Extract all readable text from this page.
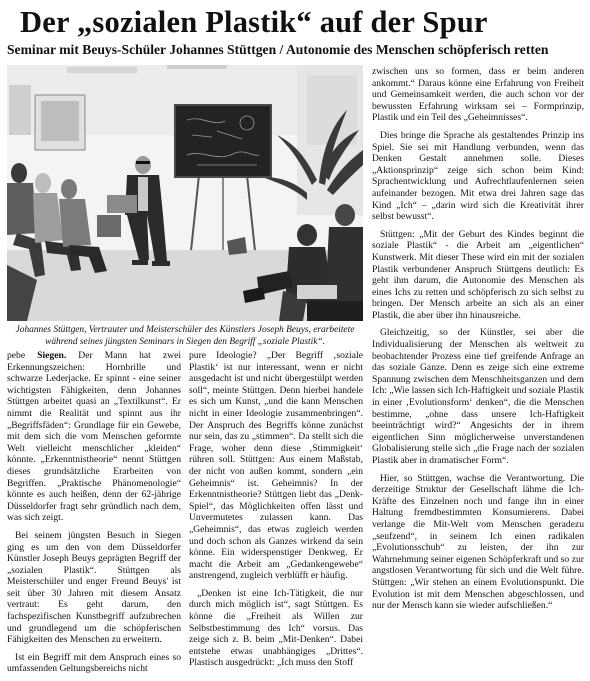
Der „sozialen Plastik“ auf der Spur
Seminar mit Beuys-Schüler Johannes Stüttgen / Autonomie des Menschen schöpferisch retten
Johannes Stüttgen, Vertrauter und Meisterschüler des Künstlers Joseph Beuys, erarbeitete während seines jüngsten Seminars in Siegen den Begriff „soziale Plastik“.

pebe Siegen. Der Mann hat zwei Erkennungszeichen: Hornbrille und schwarze Lederjacke. Er spinnt - eine seiner wichtigsten Fähigkeiten, denn Johannes Stüttgen arbeitet quasi an „Textilkunst“. Er nimmt die Realität und spinnt aus ihr „Begriffsfäden“: Grundlage für ein Gewebe, mit dem sich die vom Menschen geformte Welt vielleicht menschlicher „kleiden“ könnte. „Erkenntnistheorie“ nennt Stüttgen dieses grundsätzliche Erarbeiten von Begriffen. „Praktische Phänomenologie“ könnte es auch heißen, denn der 62-jährige Düsseldorfer fragt sehr gründlich nach dem, was sich zeigt.

Bei seinem jüngsten Besuch in Siegen ging es um den von dem Düsseldorfer Künstler Joseph Beuys geprägten Begriff der „sozialen Plastik“. Stüttgen als Meisterschüler und enger Freund Beuys' ist seit über 30 Jahren mit diesem Ansatz vertraut: Es geht darum, den fachspezifischen Kunstbegriff aufzubrechen und grundlegend um die schöpferischen Fähigkeiten des Menschen zu erweitern.

Ist ein Begriff mit dem Anspruch eines so umfassenden Geltungsbereichs nicht

pure Ideologie? „Der Begriff ‚soziale Plastik‘ ist nur interessant, wenn er nicht ausgedacht ist und nicht übergestülpt werden soll“, meinte Stüttgen. Denn hierbei handele es sich um Kunst, „und die kann Menschen nicht in einer Ideologie zusammenbringen“. Der Anspruch des Begriffs könne zunächst nur sein, das zu „stimmen“. Da stellt sich die Frage, woher denn diese ‚Stimmigkeit‘ rühren soll. Stüttgen: Aus einem Maßstab, der nicht von außen kommt, sondern „ein Geheimnis“ ist. Geheimnis? In der Erkenntnistheorie? Stüttgen liebt das „Denk-Spiel“, das Möglichkeiten offen lässt und Unvermutetes zulassen kann. Das „Geheimnis“, das etwas zugleich werden und doch schon als Ganzes wirkend da sein könne. Ein widerspenstiger Denkweg. Er macht die Arbeit am „Gedankengewebe“ anstrengend, zugleich verblüfft er häufig.

„Denken ist eine Ich-Tätigkeit, die nur durch mich möglich ist“, sagt Stüttgen. Es könne die „Freiheit als Willen zur Selbstbestimmung des Ich“ vorsus. Das zeige sich z. B. beim „Mit-Denken“. Dabei entstehe etwas unabhängiges „Drittes“. Plastisch ausgedrückt: „Ich muss den Stoff

zwischen uns so formen, dass er beim anderen ankommt.“ Daraus könne eine Erfahrung von Freiheit und Gemeinsamkeit werden, die auch schon vor der bewussten Erfahrung wirksam sei – Formprinzip, Plastik und ein Teil des „Geheimnisses“.

Dies bringe die Sprache als gestaltendes Prinzip ins Spiel. Sie sei mit Handlung verbunden, wenn das Denken Gestalt annehmen solle. Dieses „Aktionsprinzip“ zeige sich schon beim Kind: Sprachentwicklung und Aufrechtlaufenlernen seien aufeinander bezogen. Mit etwa drei Jahren sage das Kind „Ich“ – „darin wird sich die Kreativität ihrer selbst bewusst“.

Stüttgen: „Mit der Geburt des Kindes beginnt die soziale Plastik“ - die Arbeit am „eigentlichen“ Kunstwerk. Mit dieser These wird ein mit der sozialen Plastik verbundener Anspruch Stüttgens deutlich: Es geht ihm darum, die Autonomie des Menschen als eines Ichs zu retten und schöpferisch zu sich selbst zu bringen. Der Mensch arbeite an sich als an einer Plastik, die aber über ihn hinausreiche.

Gleichzeitig, so der Künstler, sei aber die Individualisierung der Menschen als weltweit zu beobachtender Prozess eine tief greifende Anfrage an das soziale Ganze. Denn es zeige sich eine extreme Spannung zwischen dem Menschheitsganzen und dem Ich: „Wie lassen sich Ich-Haftigkeit und soziale Plastik in einer ‚Evolutionsform‘ denken“, die die Menschen bestimme, „ohne dass unsere Ich-Haftigkeit beeinträchtigt wird?“ Angesichts der in ihrem eigentlichen Sinn möglicherweise unverstandenen Globalisierung stelle sich „die Frage nach der sozialen Plastik aber in dramatischer Form“.

Hier, so Stüttgen, wachse die Verantwortung. Die derzeitige Struktur der Gesellschaft lähme die Ich-Kräfte des Einzelnen noch und fange ihn in einer Haltung fremdbestimmten Konsumierens. Dabei verlange die Mit-Welt vom Menschen geradezu „seufzend“, in seinem Ich einen radikalen „Evolutionsschub“ zu leisten, der ihn zur Wahrnehmung seiner eigenen Schöpferkraft und so zur angstlosen Verantwortung für sich und die Welt führe. Stüttgen: „Wir stehen an einem Evolutionspunkt. Die Evolution ist mit dem Menschen abgeschlossen, und nur der Mensch kann sie wieder aufschließen.“
